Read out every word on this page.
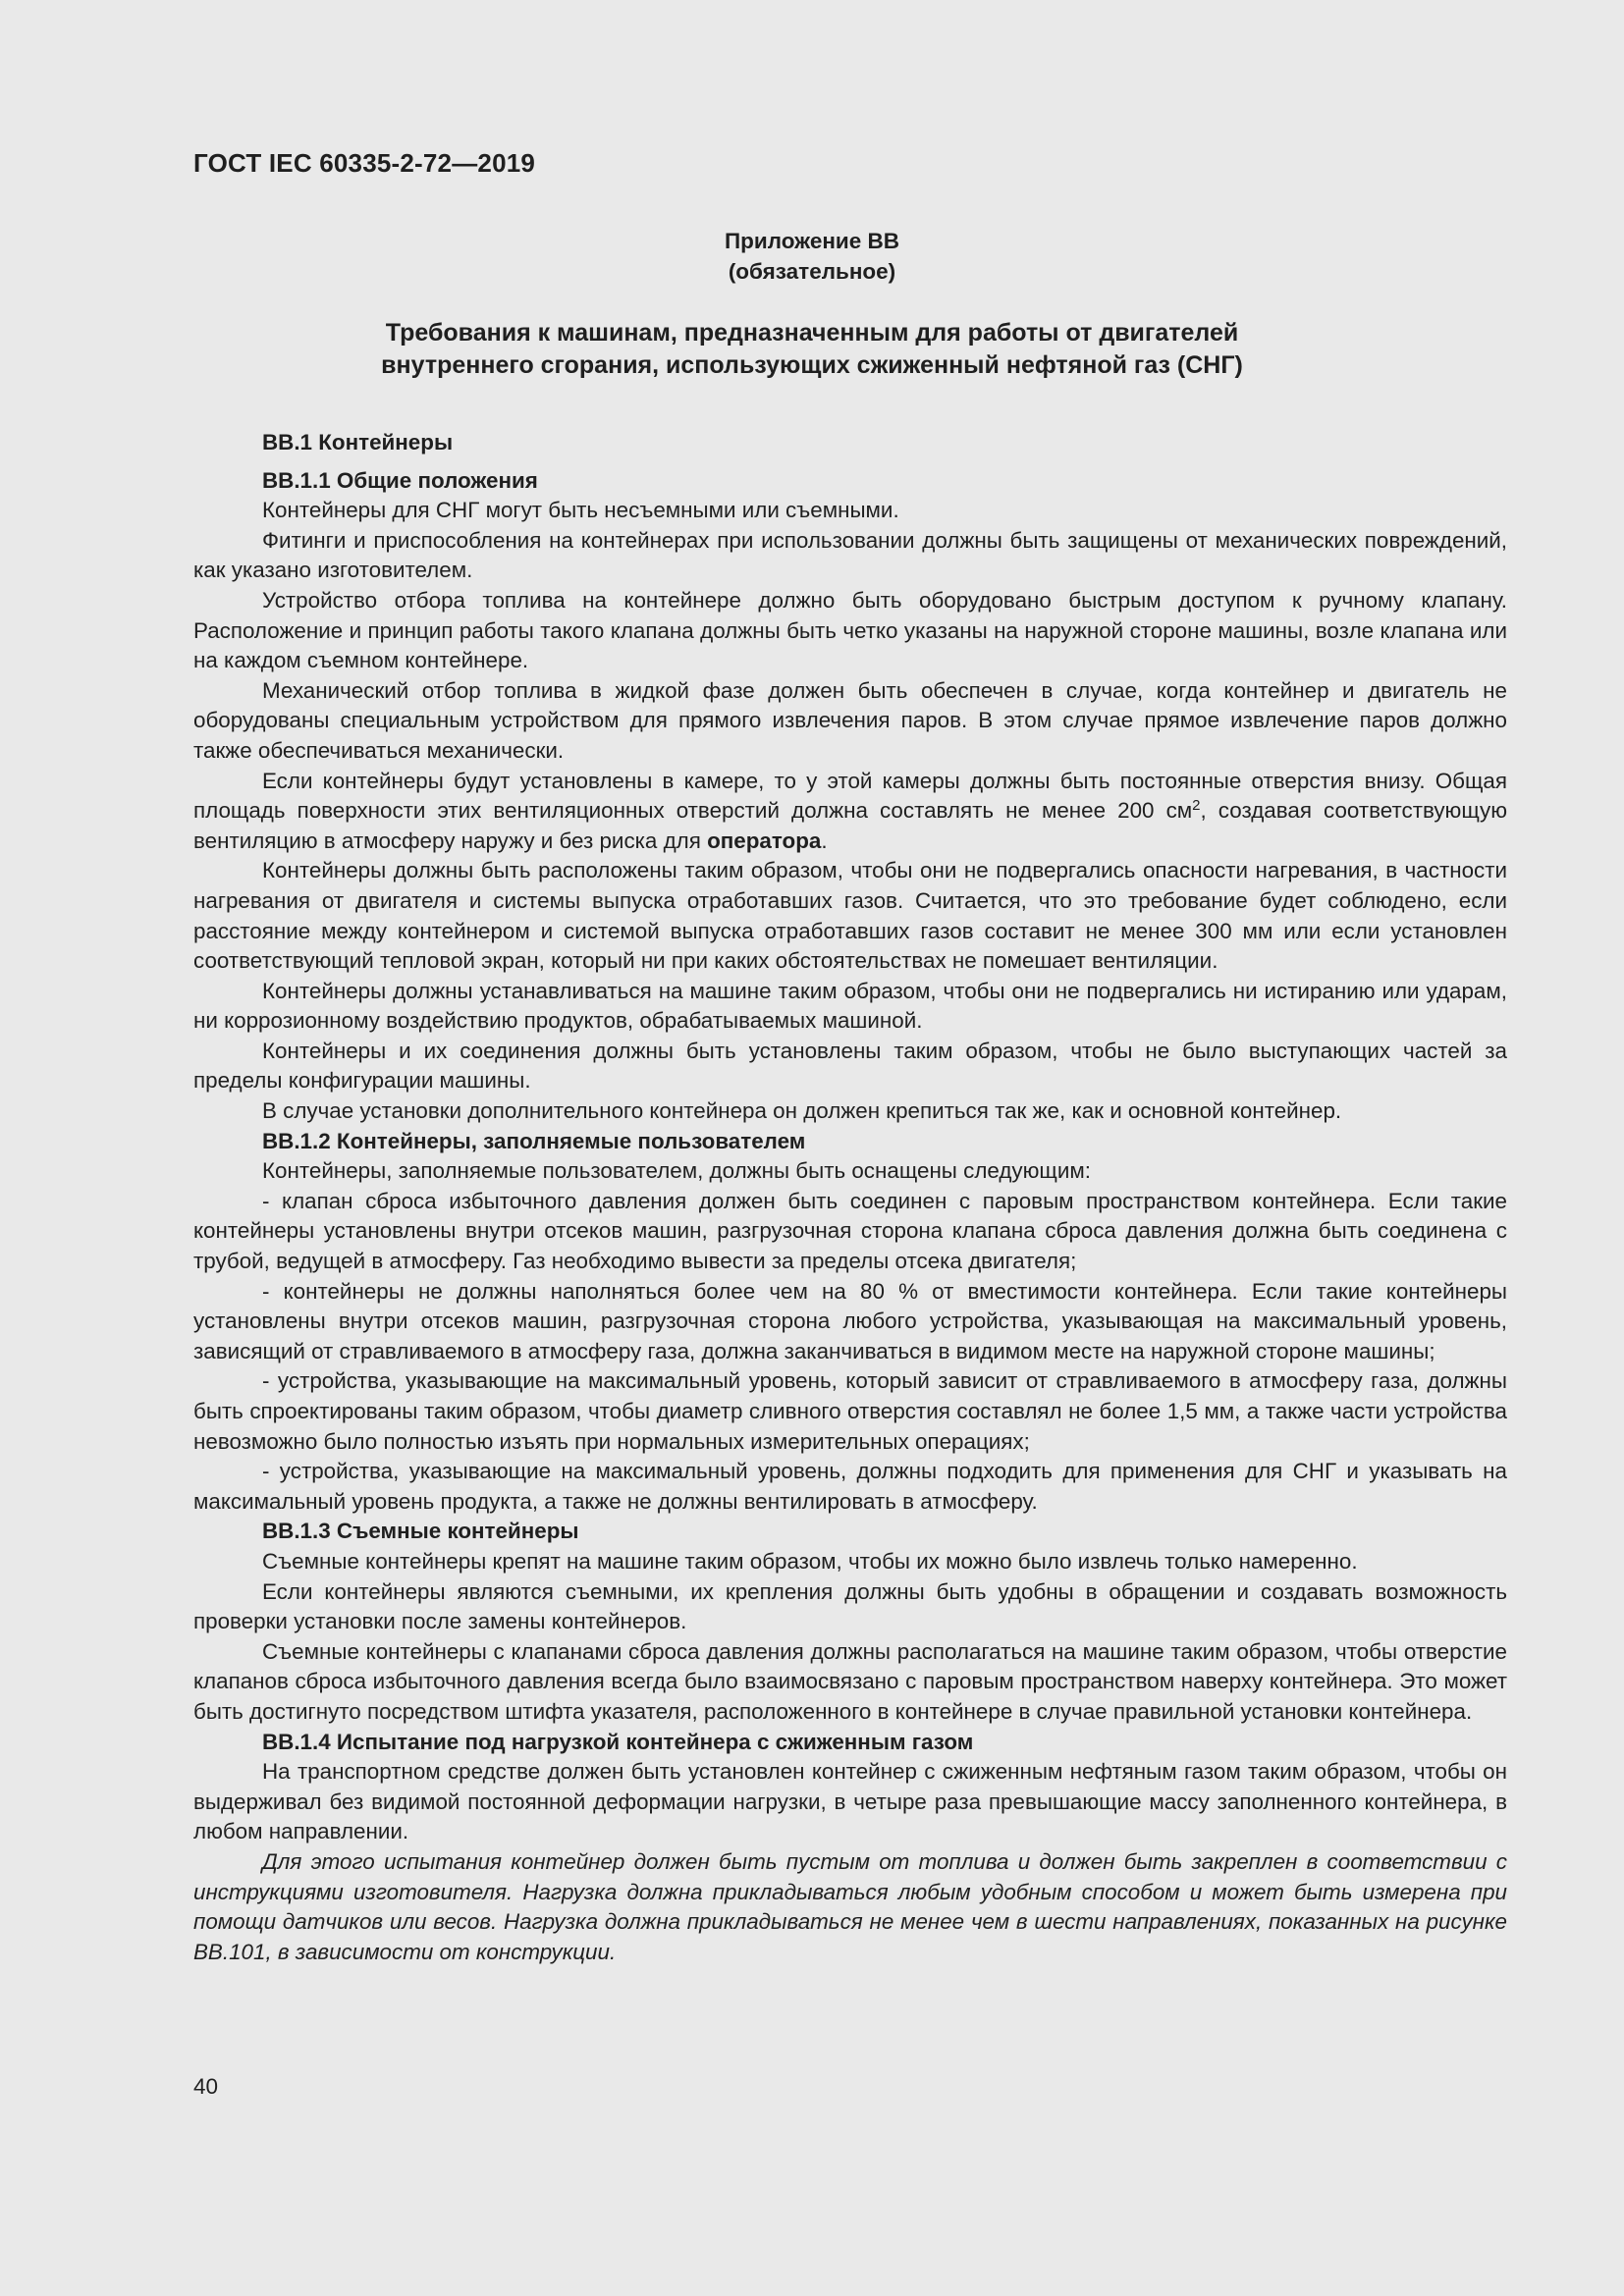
ГОСТ IEC 60335-2-72—2019
Приложение ВВ
(обязательное)
Требования к машинам, предназначенным для работы от двигателей
внутреннего сгорания, использующих сжиженный нефтяной газ (СНГ)

ВВ.1 Контейнеры

ВВ.1.1 Общие положения

Контейнеры для СНГ могут быть несъемными или съемными.

Фитинги и приспособления на контейнерах при использовании должны быть защищены от механических повреждений, как указано изготовителем.

Устройство отбора топлива на контейнере должно быть оборудовано быстрым доступом к ручному клапану. Расположение и принцип работы такого клапана должны быть четко указаны на наружной стороне машины, возле клапана или на каждом съемном контейнере.

Механический отбор топлива в жидкой фазе должен быть обеспечен в случае, когда контейнер и двигатель не оборудованы специальным устройством для прямого извлечения паров. В этом случае прямое извлечение паров должно также обеспечиваться механически.

Если контейнеры будут установлены в камере, то у этой камеры должны быть постоянные отверстия внизу. Общая площадь поверхности этих вентиляционных отверстий должна составлять не менее 200 $см^2$, создавая соответствующую вентиляцию в атмосферу наружу и без риска для оператора.

Контейнеры должны быть расположены таким образом, чтобы они не подвергались опасности нагревания, в частности нагревания от двигателя и системы выпуска отработавших газов. Считается, что это требование будет соблюдено, если расстояние между контейнером и системой выпуска отработавших газов составит не менее 300 мм или если установлен соответствующий тепловой экран, который ни при каких обстоятельствах не помешает вентиляции.

Контейнеры должны устанавливаться на машине таким образом, чтобы они не подвергались ни истиранию или ударам, ни коррозионному воздействию продуктов, обрабатываемых машиной.

Контейнеры и их соединения должны быть установлены таким образом, чтобы не было выступающих частей за пределы конфигурации машины.

В случае установки дополнительного контейнера он должен крепиться так же, как и основной контейнер.

ВВ.1.2 Контейнеры, заполняемые пользователем

Контейнеры, заполняемые пользователем, должны быть оснащены следующим:

- клапан сброса избыточного давления должен быть соединен с паровым пространством контейнера. Если такие контейнеры установлены внутри отсеков машин, разгрузочная сторона клапана сброса давления должна быть соединена с трубой, ведущей в атмосферу. Газ необходимо вывести за пределы отсека двигателя;

- контейнеры не должны наполняться более чем на 80 % от вместимости контейнера. Если такие контейнеры установлены внутри отсеков машин, разгрузочная сторона любого устройства, указывающая на максимальный уровень, зависящий от стравливаемого в атмосферу газа, должна заканчиваться в видимом месте на наружной стороне машины;

- устройства, указывающие на максимальный уровень, который зависит от стравливаемого в атмосферу газа, должны быть спроектированы таким образом, чтобы диаметр сливного отверстия составлял не более 1,5 мм, а также части устройства невозможно было полностью изъять при нормальных измерительных операциях;

- устройства, указывающие на максимальный уровень, должны подходить для применения для СНГ и указывать на максимальный уровень продукта, а также не должны вентилировать в атмосферу.

ВВ.1.3 Съемные контейнеры

Съемные контейнеры крепят на машине таким образом, чтобы их можно было извлечь только намеренно.

Если контейнеры являются съемными, их крепления должны быть удобны в обращении и создавать возможность проверки установки после замены контейнеров.

Съемные контейнеры с клапанами сброса давления должны располагаться на машине таким образом, чтобы отверстие клапанов сброса избыточного давления всегда было взаимосвязано с паровым пространством наверху контейнера. Это может быть достигнуто посредством штифта указателя, расположенного в контейнере в случае правильной установки контейнера.

ВВ.1.4 Испытание под нагрузкой контейнера с сжиженным газом

На транспортном средстве должен быть установлен контейнер с сжиженным нефтяным газом таким образом, чтобы он выдерживал без видимой постоянной деформации нагрузки, в четыре раза превышающие массу заполненного контейнера, в любом направлении.

Для этого испытания контейнер должен быть пустым от топлива и должен быть закреплен в соответствии с инструкциями изготовителя. Нагрузка должна прикладываться любым удобным способом и может быть измерена при помощи датчиков или весов. Нагрузка должна прикладываться не менее чем в шести направлениях, показанных на рисунке ВВ.101, в зависимости от конструкции.

40
